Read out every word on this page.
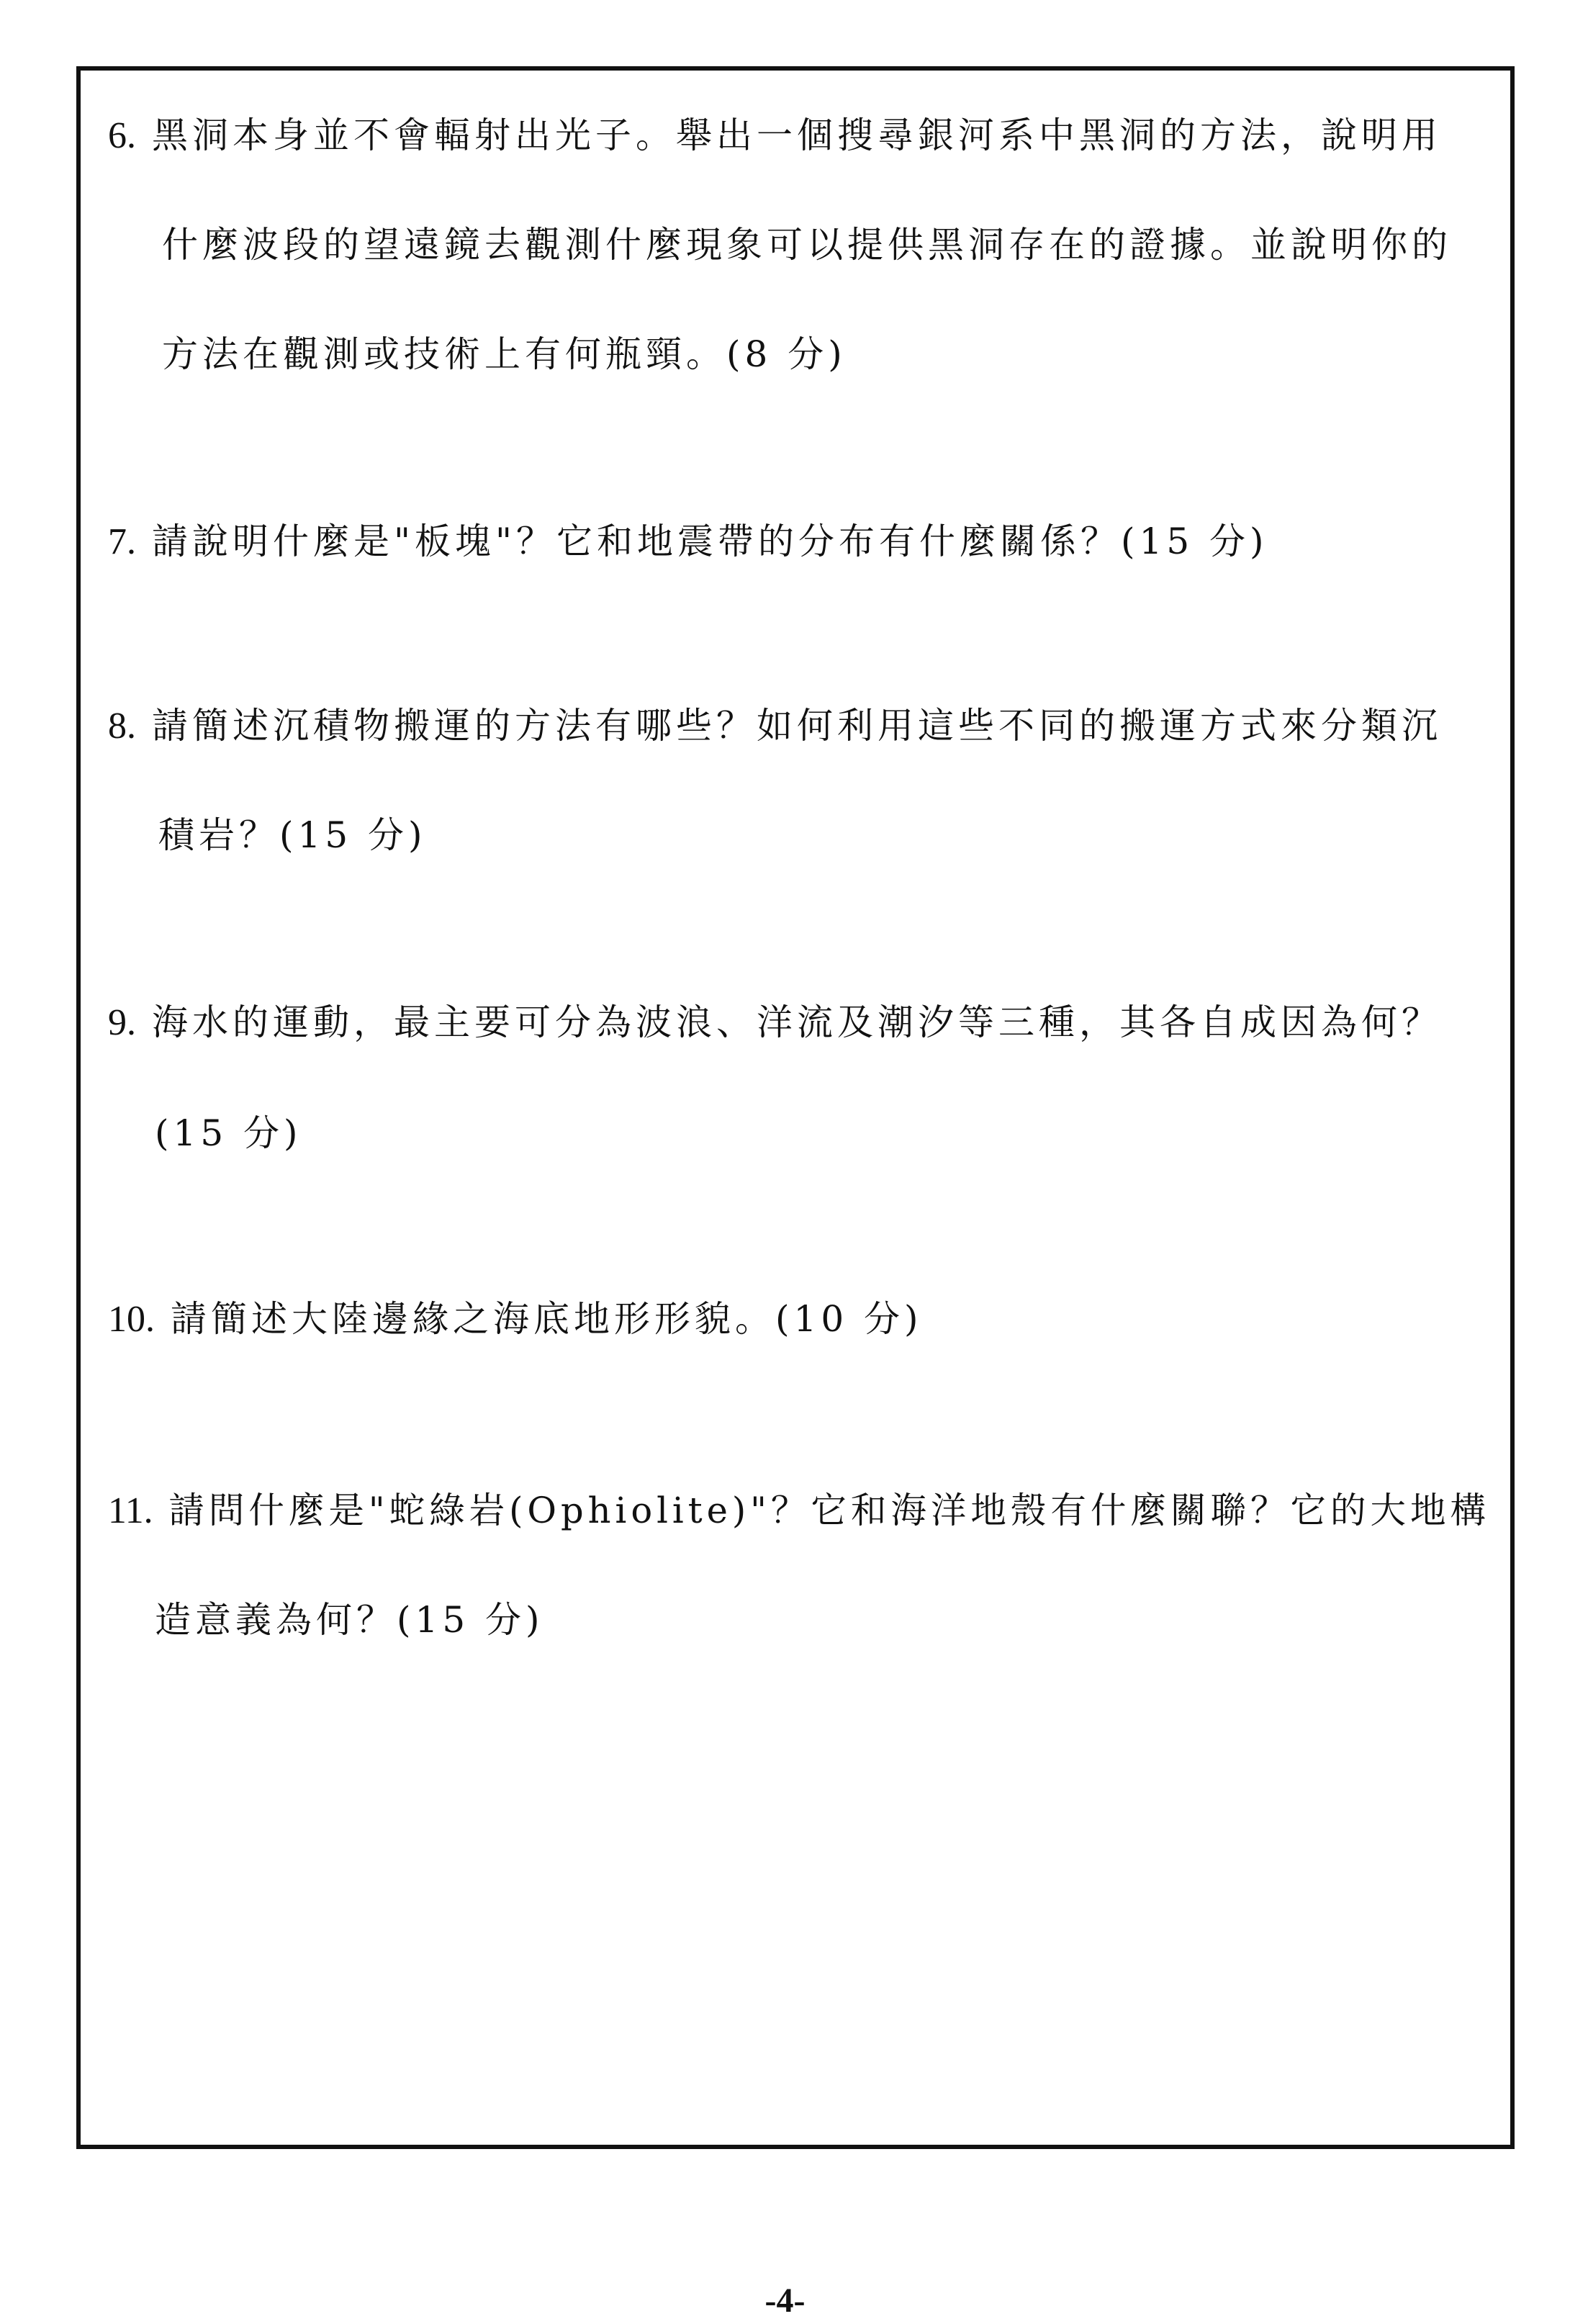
6. 黑洞本身並不會輻射出光子。舉出一個搜尋銀河系中黑洞的方法，說明用
什麼波段的望遠鏡去觀測什麼現象可以提供黑洞存在的證據。並說明你的
方法在觀測或技術上有何瓶頸。(8 分)
7. 請說明什麼是"板塊"？它和地震帶的分布有什麼關係？(15 分)
8. 請簡述沉積物搬運的方法有哪些？如何利用這些不同的搬運方式來分類沉
積岩？(15 分)
9. 海水的運動，最主要可分為波浪、洋流及潮汐等三種，其各自成因為何？
(15 分)
10. 請簡述大陸邊緣之海底地形形貌。(10 分)
11. 請問什麼是"蛇綠岩(Ophiolite)"？它和海洋地殼有什麼關聯？它的大地構
造意義為何？(15 分)
-4-
